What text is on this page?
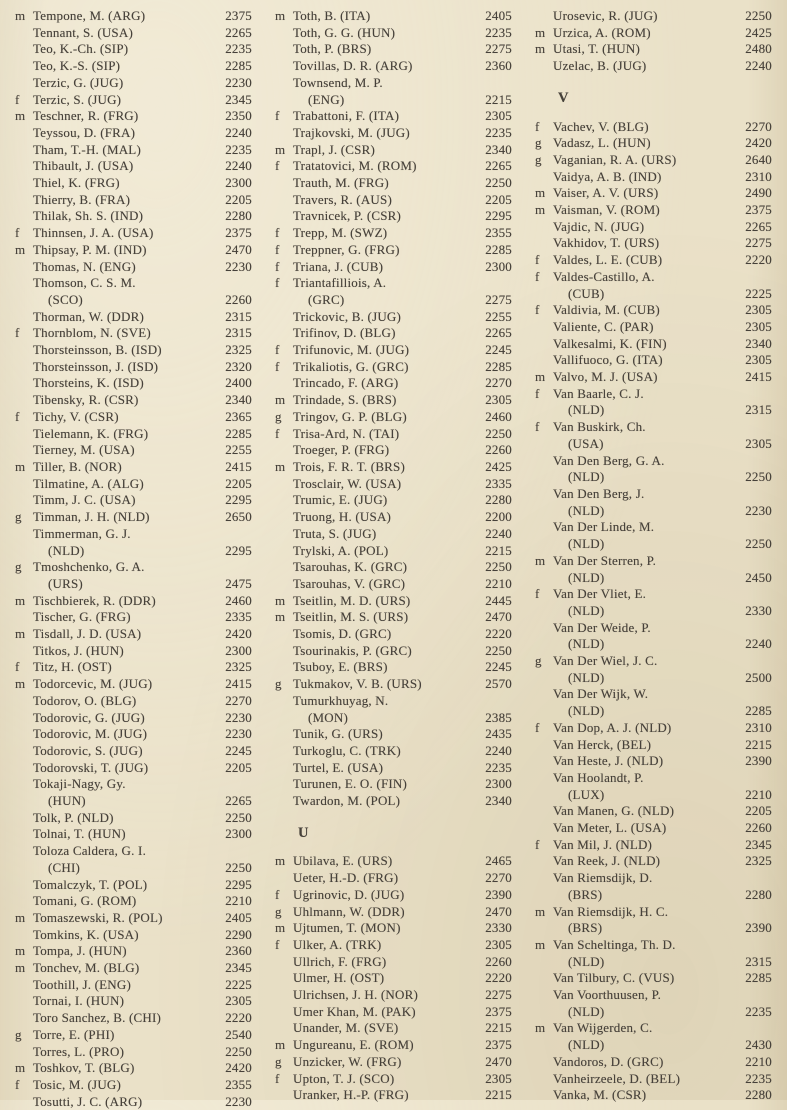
m Tempone, M. (ARG)	2375
Tennant, S. (USA)	2265
Teo, K.-Ch. (SIP)	2235
Teo, K.-S. (SIP)	2285
Terzic, G. (JUG)	2230
f	Terzic, S. (JUG)	2345
m Teschner, R. (FRG)	2350
Teyssou, D. (FRA)	2240
Tham, T.-H. (MAL)	2235
Thibault, J. (USA)	2240
Thiel, K. (FRG)	2300
Thierry, B. (FRA)	2205
Thilak, Sh. S. (IND)	2280
f	Thinnsen, J. A. (USA)	2375
m Thipsay, P. M. (IND)	2470
Thomas, N. (ENG)	2230
Thomson, C. S. M.
(SCO)	2260
Thorman, W. (DDR)	2315
f	Thornblom, N. (SVE)	2315
Thorsteinsson, B. (ISD)	2325
Thorsteinsson, J. (ISD)	2320
Thorsteins, K. (ISD)	2400
Tibensky, R. (CSR)	2340
f	Tichy, V. (CSR)	2365
Tielemann, K. (FRG)	2285
Tierney, M. (USA)	2255
m Tiller, B. (NOR)	2415
Tilmatine, A. (ALG)	2205
Timm, J. C. (USA)	2295
g Timman, J. H. (NLD)	2650
Timmerman, G. J.
(NLD)	2295
g Tmoshchenko, G. A.
(URS)	2475
m Tischbierek, R. (DDR)	2460
Tischer, G. (FRG)	2335
m Tisdall, J. D. (USA)	2420
Titkos, J. (HUN)	2300
f	Titz, H. (OST)	2325
m Todorcevic, M. (JUG)	2415
Todorov, O. (BLG)	2270
Todorovic, G. (JUG)	2230
Todorovic, M. (JUG)	2230
Todorovic, S. (JUG)	2245
Todorovski, T. (JUG)	2205
Tokaji-Nagy, Gy.
(HUN)	2265
Tolk, P. (NLD)	2250
Tolnai, T. (HUN)	2300
Toloza Caldera, G. I.
(CHI)	2250
Tomalczyk, T. (POL)	2295
Tomani, G. (ROM)	2210
m Tomaszewski, R. (POL)	2405
Tomkins, K. (USA)	2290
m Tompa, J. (HUN)	2360
m Tonchev, M. (BLG)	2345
Toothill, J. (ENG)	2225
Tornai, I. (HUN)	2305
Toro Sanchez, B. (CHI)	2220
g Torre, E. (PHI)	2540
Torres, L. (PRO)	2250
m Toshkov, T. (BLG)	2420
f	Tosic, M. (JUG)	2355
Tosutti, J. C. (ARG)	2230
m Toth, B. (ITA)	2405
Toth, G. G. (HUN)	2235
Toth, P. (BRS)	2275
Tovillas, D. R. (ARG)	2360
Townsend, M. P.
(ENG)	2215
f	Trabattoni, F. (ITA)	2305
Trajkovski, M. (JUG)	2235
m Trapl, J. (CSR)	2340
f	Tratatovici, M. (ROM)	2265
Trauth, M. (FRG)	2250
Travers, R. (AUS)	2205
Travnicek, P. (CSR)	2295
f	Trepp, M. (SWZ)	2355
f	Treppner, G. (FRG)	2285
f	Triana, J. (CUB)	2300
f	Triantafilliois, A.
(GRC)	2275
Trickovic, B. (JUG)	2255
Trifinov, D. (BLG)	2265
f	Trifunovic, M. (JUG)	2245
f	Trikaliotis, G. (GRC)	2285
Trincado, F. (ARG)	2270
m Trindade, S. (BRS)	2305
g Tringov, G. P. (BLG)	2460
f	Trisa-Ard, N. (TAI)	2250
Troeger, P. (FRG)	2260
m Trois, F. R. T. (BRS)	2425
Trosclair, W. (USA)	2335
Trumic, E. (JUG)	2280
Truong, H. (USA)	2200
Truta, S. (JUG)	2240
Trylski, A. (POL)	2215
Tsarouhas, K. (GRC)	2250
Tsarouhas, V. (GRC)	2210
m Tseitlin, M. D. (URS)	2445
m Tseitlin, M. S. (URS)	2470
Tsomis, D. (GRC)	2220
Tsourinakis, P. (GRC)	2250
Tsuboy, E. (BRS)	2245
g Tukmakov, V. B. (URS)	2570
Tumurkhuyag, N.
(MON)	2385
Tunik, G. (URS)	2435
Turkoglu, C. (TRK)	2240
Turtel, E. (USA)	2235
Turunen, E. O. (FIN)	2300
Twardon, M. (POL)	2340
U
m Ubilava, E. (URS)	2465
Ueter, H.-D. (FRG)	2270
f	Ugrinovic, D. (JUG)	2390
g Uhlmann, W. (DDR)	2470
m Ujtumen, T. (MON)	2330
f	Ulker, A. (TRK)	2305
Ullrich, F. (FRG)	2260
Ulmer, H. (OST)	2220
Ulrichsen, J. H. (NOR)	2275
Umer Khan, M. (PAK)	2375
Unander, M. (SVE)	2215
m Ungureanu, E. (ROM)	2375
g Unzicker, W. (FRG)	2470
f	Upton, T. J. (SCO)	2305
Uranker, H.-P. (FRG)	2215
Urosevic, R. (JUG)	2250
m Urzica, A. (ROM)	2425
m Utasi, T. (HUN)	2480
Uzelac, B. (JUG)	2240
V
f	Vachev, V. (BLG)	2270
g Vadasz, L. (HUN)	2420
g Vaganian, R. A. (URS)	2640
Vaidya, A. B. (IND)	2310
m Vaiser, A. V. (URS)	2490
m Vaisman, V. (ROM)	2375
Vajdic, N. (JUG)	2265
Vakhidov, T. (URS)	2275
f	Valdes, L. E. (CUB)	2220
f	Valdes-Castillo, A.
(CUB)	2225
f	Valdivia, M. (CUB)	2305
Valiente, C. (PAR)	2305
Valkesalmi, K. (FIN)	2340
Vallifuoco, G. (ITA)	2305
m Valvo, M. J. (USA)	2415
f	Van Baarle, C. J.
(NLD)	2315
f	Van Buskirk, Ch.
(USA)	2305
Van Den Berg, G. A.
(NLD)	2250
Van Den Berg, J.
(NLD)	2230
Van Der Linde, M.
(NLD)	2250
m Van Der Sterren, P.
(NLD)	2450
f	Van Der Vliet, E.
(NLD)	2330
Van Der Weide, P.
(NLD)	2240
g Van Der Wiel, J. C.
(NLD)	2500
Van Der Wijk, W.
(NLD)	2285
f	Van Dop, A. J. (NLD)	2310
Van Herck, (BEL)	2215
Van Heste, J. (NLD)	2390
Van Hoolandt, P.
(LUX)	2210
Van Manen, G. (NLD)	2205
Van Meter, L. (USA)	2260
f	Van Mil, J. (NLD)	2345
Van Reek, J. (NLD)	2325
Van Riemsdijk, D.
(BRS)	2280
m Van Riemsdijk, H. C.
(BRS)	2390
m Van Scheltinga, Th. D.
(NLD)	2315
Van Tilbury, C. (VUS)	2285
Van Voorthuusen, P.
(NLD)	2235
m Van Wijgerden, C.
(NLD)	2430
Vandoros, D. (GRC)	2210
Vanheirzeele, D. (BEL)	2235
Vanka, M. (CSR)	2280
